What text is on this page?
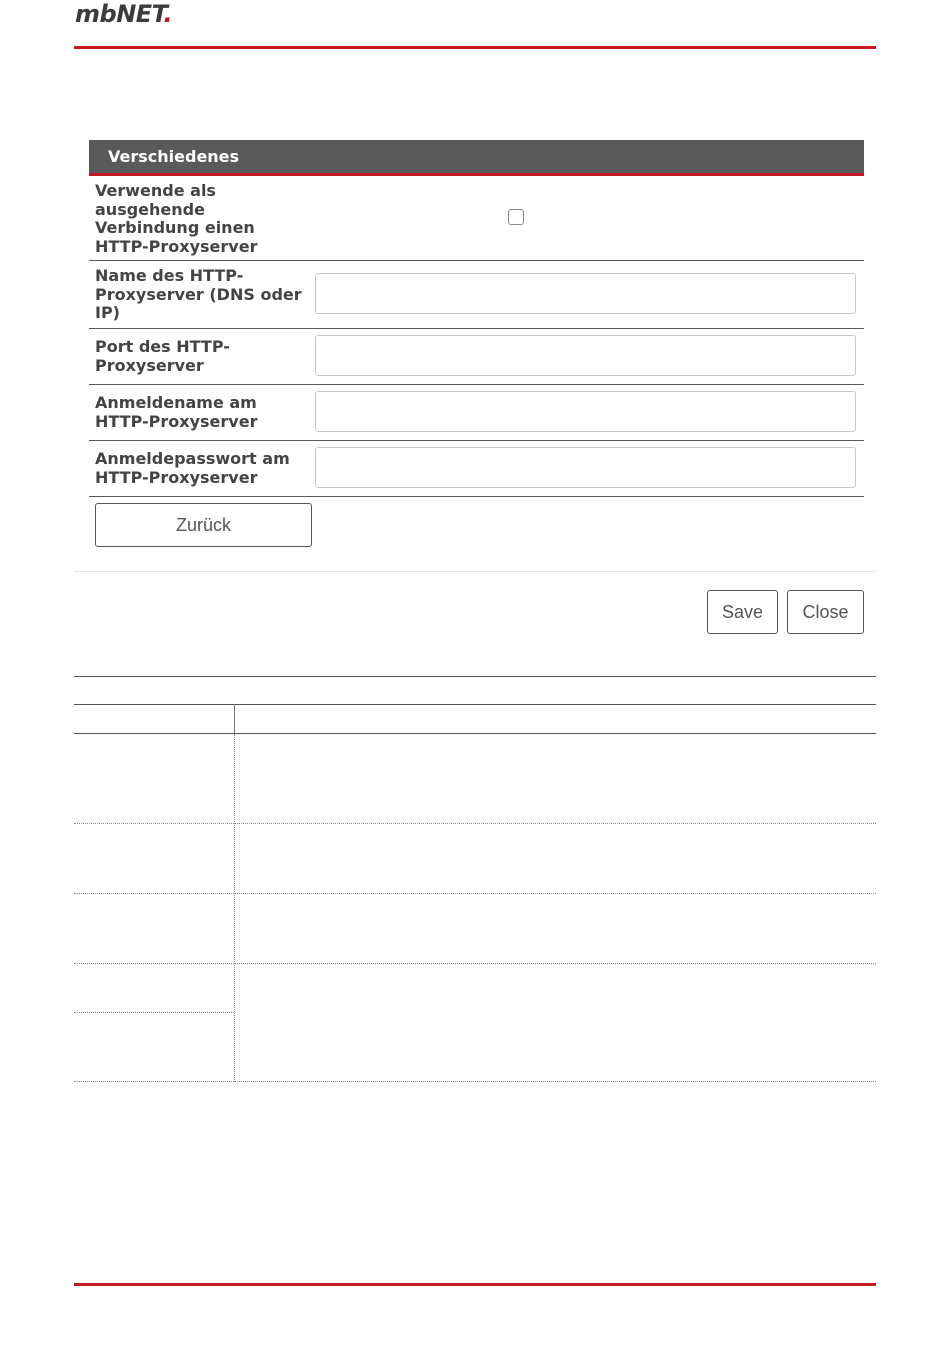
mbNET.
Verschiedenes
Verwende als ausgehende Verbindung einen HTTP-Proxyserver
Name des HTTP-Proxyserver (DNS oder IP)
Port des HTTP-Proxyserver
Anmeldename am HTTP-Proxyserver
Anmeldepasswort am HTTP-Proxyserver
Zurück
Save	Close
